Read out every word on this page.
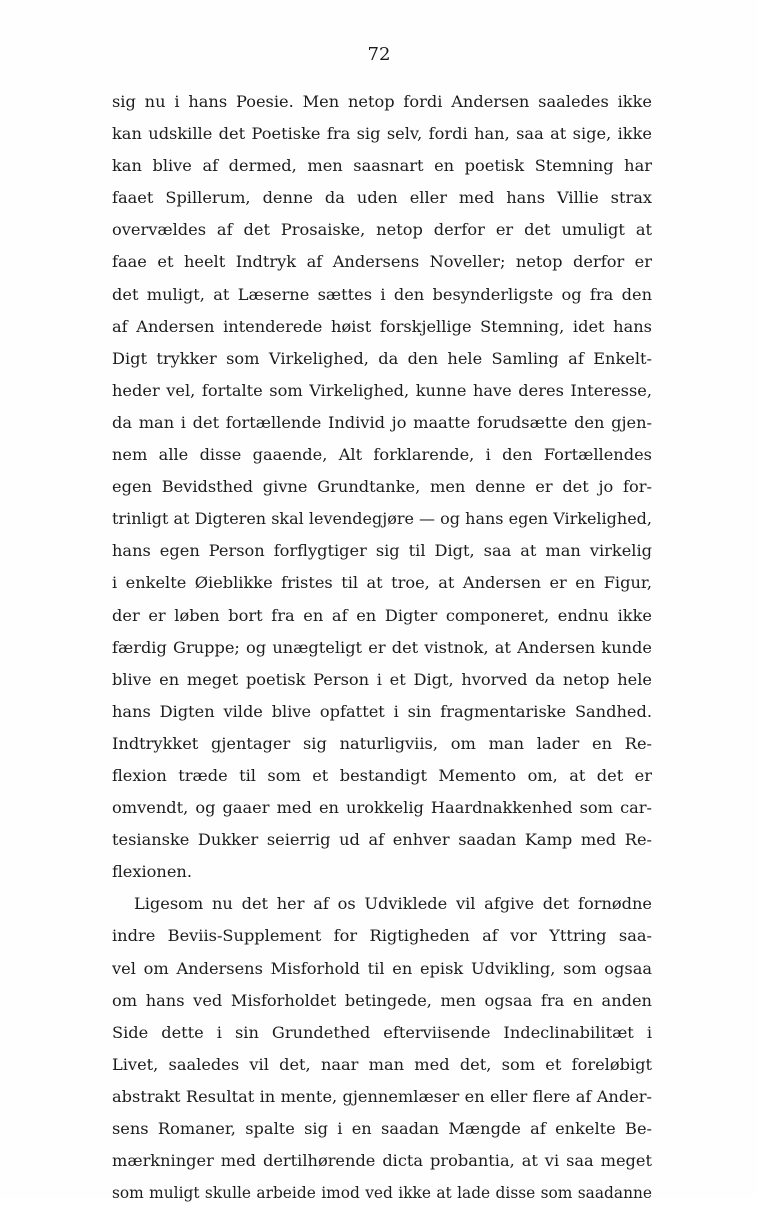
72

sig nu i hans Poesie. Men netop fordi Andersen saaledes ikke
kan udskille det Poetiske fra sig selv, fordi han, saa at sige, ikke
kan blive af dermed, men saasnart en poetisk Stemning har
faaet Spillerum, denne da uden eller med hans Villie strax
overvældes af det Prosaiske, netop derfor er det umuligt at
faae et heelt Indtryk af Andersens Noveller; netop derfor er
det muligt, at Læserne sættes i den besynderligste og fra den
af Andersen intenderede høist forskjellige Stemning, idet hans
Digt trykker som Virkelighed, da den hele Samling af Enkelt-
heder vel, fortalte som Virkelighed, kunne have deres Interesse,
da man i det fortællende Individ jo maatte forudsætte den gjen-
nem alle disse gaaende, Alt forklarende, i den Fortællendes
egen Bevidsthed givne Grundtanke, men denne er det jo for-
trinligt at Digteren skal levendegjøre — og hans egen Virkelighed,
hans egen Person forflygtiger sig til Digt, saa at man virkelig
i enkelte Øieblikke fristes til at troe, at Andersen er en Figur,
der er løben bort fra en af en Digter componeret, endnu ikke
færdig Gruppe; og unægteligt er det vistnok, at Andersen kunde
blive en meget poetisk Person i et Digt, hvorved da netop hele
hans Digten vilde blive opfattet i sin fragmentariske Sandhed.
Indtrykket gjentager sig naturligviis, om man lader en Re-
flexion træde til som et bestandigt Memento om, at det er
omvendt, og gaaer med en urokkelig Haardnakkenhed som car-
tesianske Dukker seierrig ud af enhver saadan Kamp med Re-
flexionen.
Ligesom nu det her af os Udviklede vil afgive det fornødne
indre Beviis-Supplement for Rigtigheden af vor Yttring saa-
vel om Andersens Misforhold til en episk Udvikling, som ogsaa
om hans ved Misforholdet betingede, men ogsaa fra en anden
Side dette i sin Grundethed efterviisende Indeclinabilitæt i
Livet, saaledes vil det, naar man med det, som et foreløbigt
abstrakt Resultat in mente, gjennemlæser en eller flere af Ander-
sens Romaner, spalte sig i en saadan Mængde af enkelte Be-
mærkninger med dertilhørende dicta probantia, at vi saa meget
som muligt skulle arbeide imod ved ikke at lade disse som saadanne
